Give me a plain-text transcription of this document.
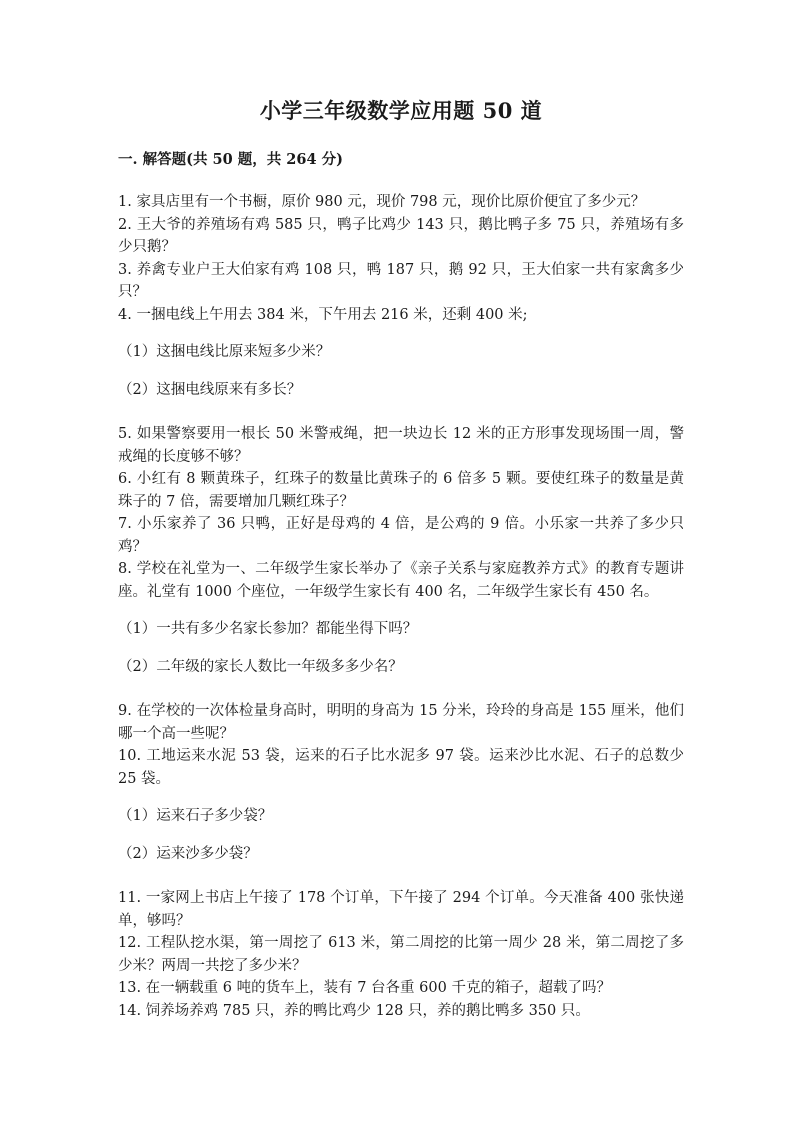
小学三年级数学应用题 50 道
一. 解答题(共 50 题，共 264 分)

1. 家具店里有一个书橱，原价 980 元，现价 798 元，现价比原价便宜了多少元？

2. 王大爷的养殖场有鸡 585 只，鸭子比鸡少 143 只，鹅比鸭子多 75 只，养殖场有多少只鹅？

3. 养禽专业户王大伯家有鸡 108 只，鸭 187 只，鹅 92 只，王大伯家一共有家禽多少只？

4. 一捆电线上午用去 384 米，下午用去 216 米，还剩 400 米;

（1）这捆电线比原来短多少米？

（2）这捆电线原来有多长？

5. 如果警察要用一根长 50 米警戒绳，把一块边长 12 米的正方形事发现场围一周，警戒绳的长度够不够？

6. 小红有 8 颗黄珠子，红珠子的数量比黄珠子的 6 倍多 5 颗。要使红珠子的数量是黄珠子的 7 倍，需要增加几颗红珠子？

7. 小乐家养了 36 只鸭，正好是母鸡的 4 倍，是公鸡的 9 倍。小乐家一共养了多少只鸡？

8. 学校在礼堂为一、二年级学生家长举办了《亲子关系与家庭教养方式》的教育专题讲座。礼堂有 1000 个座位，一年级学生家长有 400 名，二年级学生家长有 450 名。

（1）一共有多少名家长参加？都能坐得下吗？

（2）二年级的家长人数比一年级多多少名？

9. 在学校的一次体检量身高时，明明的身高为 15 分米，玲玲的身高是 155 厘米，他们哪一个高一些呢？

10. 工地运来水泥 53 袋，运来的石子比水泥多 97 袋。运来沙比水泥、石子的总数少 25 袋。

（1）运来石子多少袋？

（2）运来沙多少袋？

11. 一家网上书店上午接了 178 个订单，下午接了 294 个订单。今天准备 400 张快递单，够吗？

12. 工程队挖水渠，第一周挖了 613 米，第二周挖的比第一周少 28 米，第二周挖了多少米？两周一共挖了多少米？

13. 在一辆载重 6 吨的货车上，装有 7 台各重 600 千克的箱子，超载了吗？

14. 饲养场养鸡 785 只，养的鸭比鸡少 128 只，养的鹅比鸭多 350 只。
